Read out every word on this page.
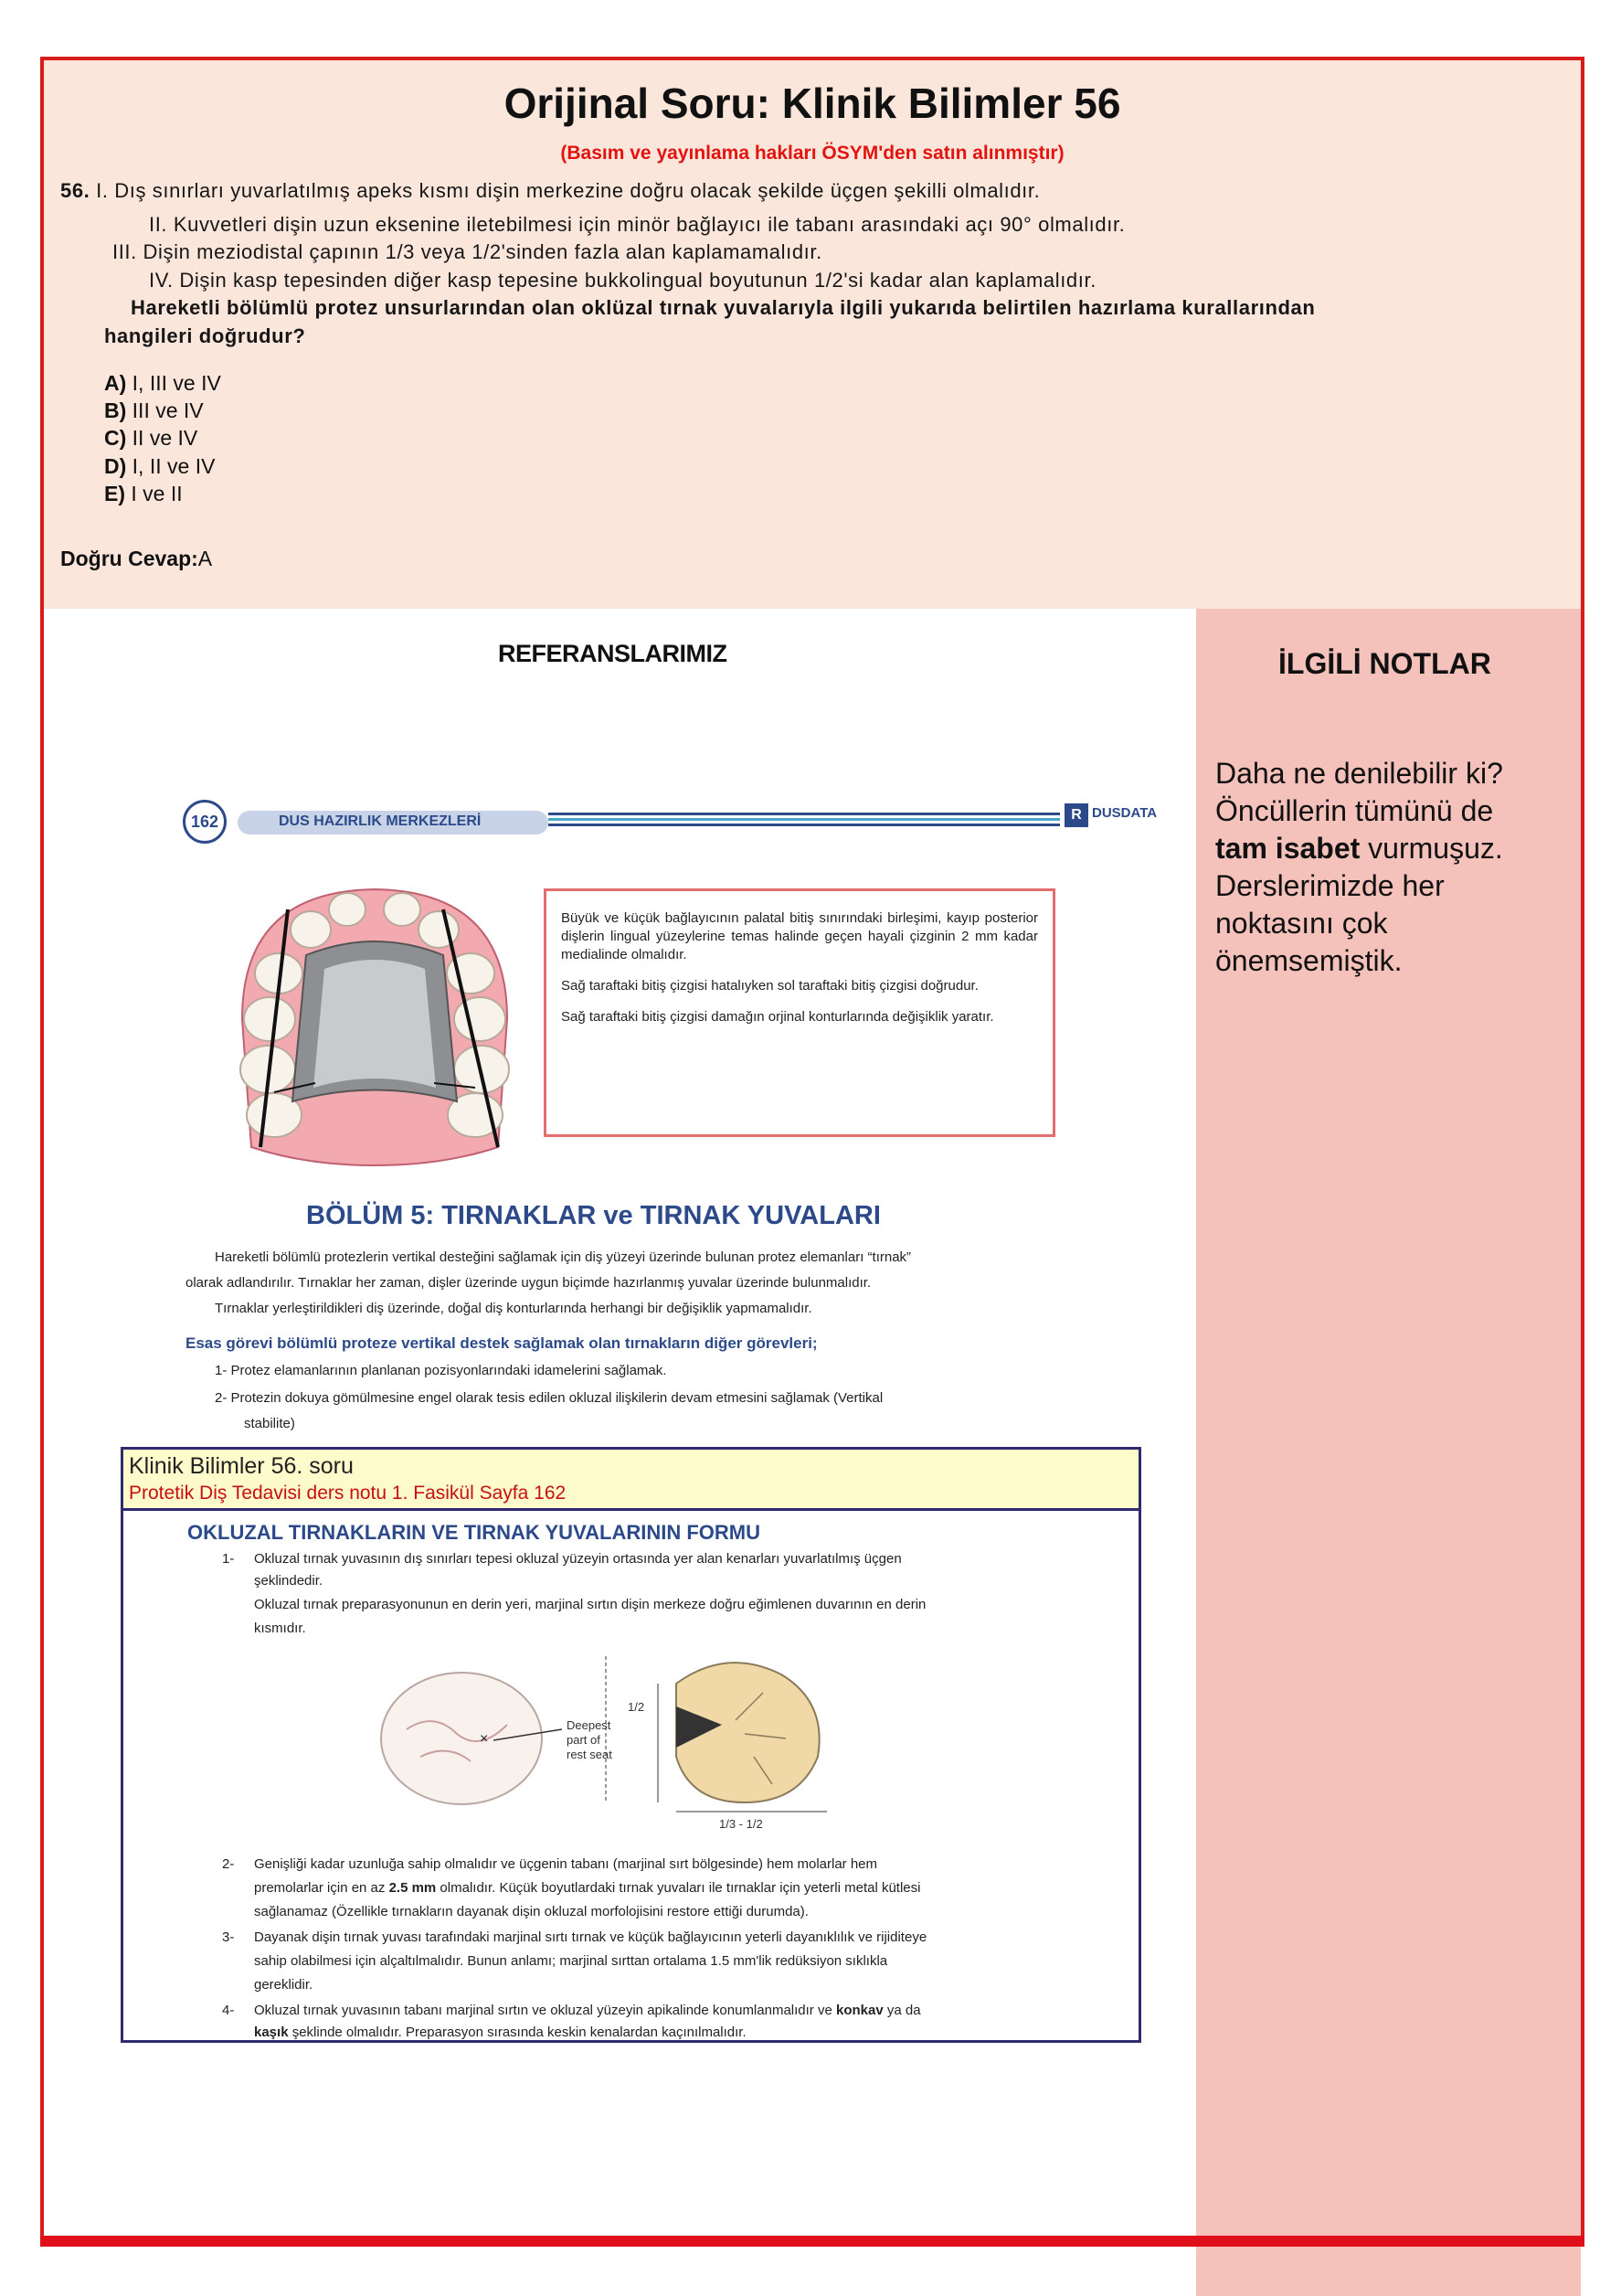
Orijinal Soru: Klinik Bilimler 56
(Basım ve yayınlama hakları ÖSYM'den satın alınmıştır)
56. I. Dış sınırları yuvarlatılmış apeks kısmı dişin merkezine doğru olacak şekilde üçgen şekilli olmalıdır.
II. Kuvvetleri dişin uzun eksenine iletebilmesi için minör bağlayıcı ile tabanı arasındaki açı 90° olmalıdır.
III. Dişin meziodistal çapının 1/3 veya 1/2'sinden fazla alan kaplamamalıdır.
IV. Dişin kasp tepesinden diğer kasp tepesine bukkolingual boyutunun 1/2'si kadar alan kaplamalıdır.
Hareketli bölümlü protez unsurlarından olan oklüzal tırnak yuvalarıyla ilgili yukarıda belirtilen hazırlama kurallarından
hangileri doğrudur?
A) I, III ve IV
B) III ve IV
C) II ve IV
D) I, II ve IV
E) I ve II
Doğru Cevap:A
REFERANSLARIMIZ
162	DUS HAZIRLIK MERKEZLERİ	R DUSDATA

Büyük ve küçük bağlayıcının palatal bitiş sınırındaki birleşimi, kayıp posterior dişlerin lingual yüzeylerine temas halinde geçen hayali çizginin 2 mm kadar medialinde olmalıdır.

Sağ taraftaki bitiş çizgisi hatalıyken sol taraftaki bitiş çizgisi doğrudur.

Sağ taraftaki bitiş çizgisi damağın orjinal konturlarında değişiklik yaratır.

BÖLÜM 5: TIRNAKLAR ve TIRNAK YUVALARI
Hareketli bölümlü protezlerin vertikal desteğini sağlamak için diş yüzeyi üzerinde bulunan protez elemanları “tırnak”
olarak adlandırılır. Tırnaklar her zaman, dişler üzerinde uygun biçimde hazırlanmış yuvalar üzerinde bulunmalıdır.
Tırnaklar yerleştirildikleri diş üzerinde, doğal diş konturlarında herhangi bir değişiklik yapmamalıdır.
Esas görevi bölümlü proteze vertikal destek sağlamak olan tırnakların diğer görevleri;
1- Protez elamanlarının planlanan pozisyonlarındaki idamelerini sağlamak.
2- Protezin dokuya gömülmesine engel olarak tesis edilen okluzal ilişkilerin devam etmesini sağlamak (Vertikal
stabilite)
Klinik Bilimler 56. soru
Protetik Diş Tedavisi ders notu 1. Fasikül Sayfa 162
OKLUZAL TIRNAKLARIN VE TIRNAK YUVALARININ FORMU
1- Okluzal tırnak yuvasının dış sınırları tepesi okluzal yüzeyin ortasında yer alan kenarları yuvarlatılmış üçgen
şeklindedir.
Okluzal tırnak preparasyonunun en derin yeri, marjinal sırtın dişin merkeze doğru eğimlenen duvarının en derin
kısmıdır.
×
Deepest
part of
rest seat
1/2
1/3 - 1/2
2- Genişliği kadar uzunluğa sahip olmalıdır ve üçgenin tabanı (marjinal sırt bölgesinde) hem molarlar hem
premolarlar için en az 2.5 mm olmalıdır. Küçük boyutlardaki tırnak yuvaları ile tırnaklar için yeterli metal kütlesi
sağlanamaz (Özellikle tırnakların dayanak dişin okluzal morfolojisini restore ettiği durumda).
3- Dayanak dişin tırnak yuvası tarafındaki marjinal sırtı tırnak ve küçük bağlayıcının yeterli dayanıklılık ve rijiditeye
sahip olabilmesi için alçaltılmalıdır. Bunun anlamı; marjinal sırttan ortalama 1.5 mm'lik redüksiyon sıklıkla
gereklidir.
4- Okluzal tırnak yuvasının tabanı marjinal sırtın ve okluzal yüzeyin apikalinde konumlanmalıdır ve konkav ya da
kaşık şeklinde olmalıdır. Preparasyon sırasında keskin kenalardan kaçınılmalıdır.
İLGİLİ NOTLAR
Daha ne denilebilir ki?
Öncüllerin tümünü de
tam isabet vurmuşuz.
Derslerimizde her
noktasını çok
önemsemiştik.
